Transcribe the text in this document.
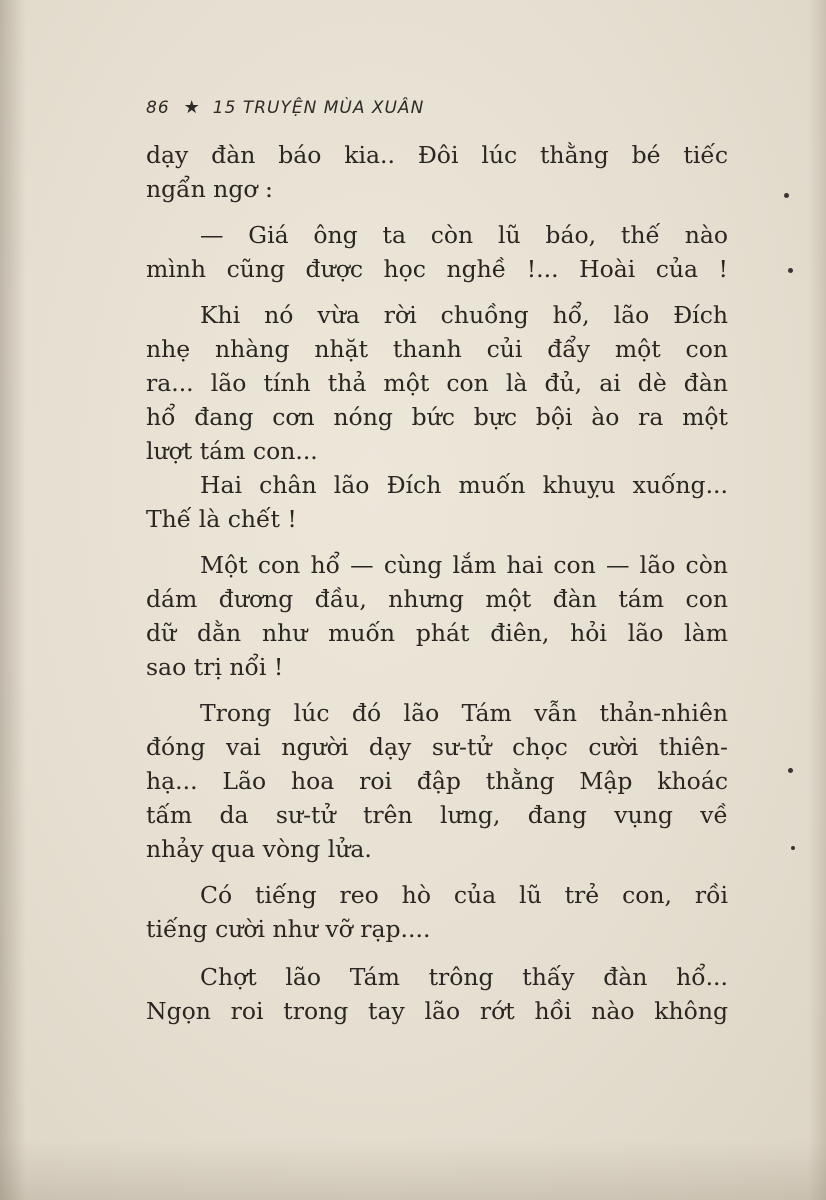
86 ★ 15 TRUYỆN MÙA XUÂN
dạy đàn báo kia.. Đôi lúc thằng bé tiếc
ngẩn ngơ :
— Giá ông ta còn lũ báo, thế nào
mình cũng được học nghề !... Hoài của !
Khi nó vừa rời chuồng hổ, lão Đích
nhẹ nhàng nhặt thanh củi đẩy một con
ra... lão tính thả một con là đủ, ai dè đàn
hổ đang cơn nóng bức bực bội ào ra một
lượt tám con...
Hai chân lão Đích muốn khuỵu xuống...
Thế là chết !
Một con hổ — cùng lắm hai con — lão còn
dám đương đầu, nhưng một đàn tám con
dữ dằn như muốn phát điên, hỏi lão làm
sao trị nổi !
Trong lúc đó lão Tám vẫn thản-nhiên
đóng vai người dạy sư-tử chọc cười thiên-
hạ... Lão hoa roi đập thằng Mập khoác
tấm da sư-tử trên lưng, đang vụng về
nhảy qua vòng lửa.
Có tiếng reo hò của lũ trẻ con, rồi
tiếng cười như vỡ rạp....
Chợt lão Tám trông thấy đàn hổ...
Ngọn roi trong tay lão rớt hồi nào không
